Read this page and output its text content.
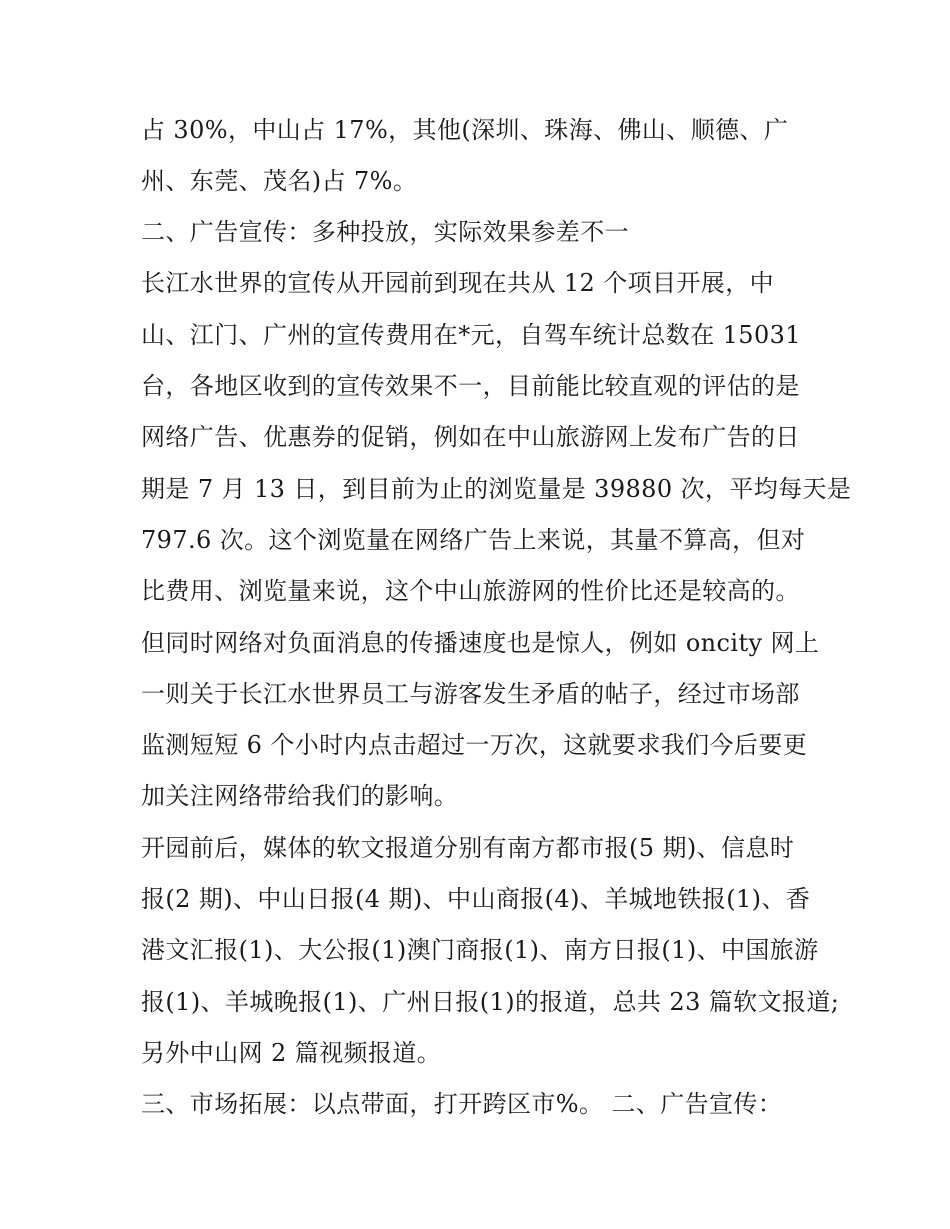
占 30%，中山占 17%，其他(深圳、珠海、佛山、顺德、广
州、东莞、茂名)占 7%。
二、广告宣传：多种投放，实际效果参差不一
长江水世界的宣传从开园前到现在共从 12 个项目开展，中
山、江门、广州的宣传费用在*元，自驾车统计总数在 15031
台，各地区收到的宣传效果不一，目前能比较直观的评估的是
网络广告、优惠券的促销，例如在中山旅游网上发布广告的日
期是 7 月 13 日，到目前为止的浏览量是 39880 次，平均每天是
797.6 次。这个浏览量在网络广告上来说，其量不算高，但对
比费用、浏览量来说，这个中山旅游网的性价比还是较高的。
但同时网络对负面消息的传播速度也是惊人，例如 oncity 网上
一则关于长江水世界员工与游客发生矛盾的帖子，经过市场部
监测短短 6 个小时内点击超过一万次，这就要求我们今后要更
加关注网络带给我们的影响。
开园前后，媒体的软文报道分别有南方都市报(5 期)、信息时
报(2 期)、中山日报(4 期)、中山商报(4)、羊城地铁报(1)、香
港文汇报(1)、大公报(1)澳门商报(1)、南方日报(1)、中国旅游
报(1)、羊城晚报(1)、广州日报(1)的报道，总共 23 篇软文报道;
另外中山网 2 篇视频报道。
三、市场拓展：以点带面，打开跨区市%。 二、广告宣传：
